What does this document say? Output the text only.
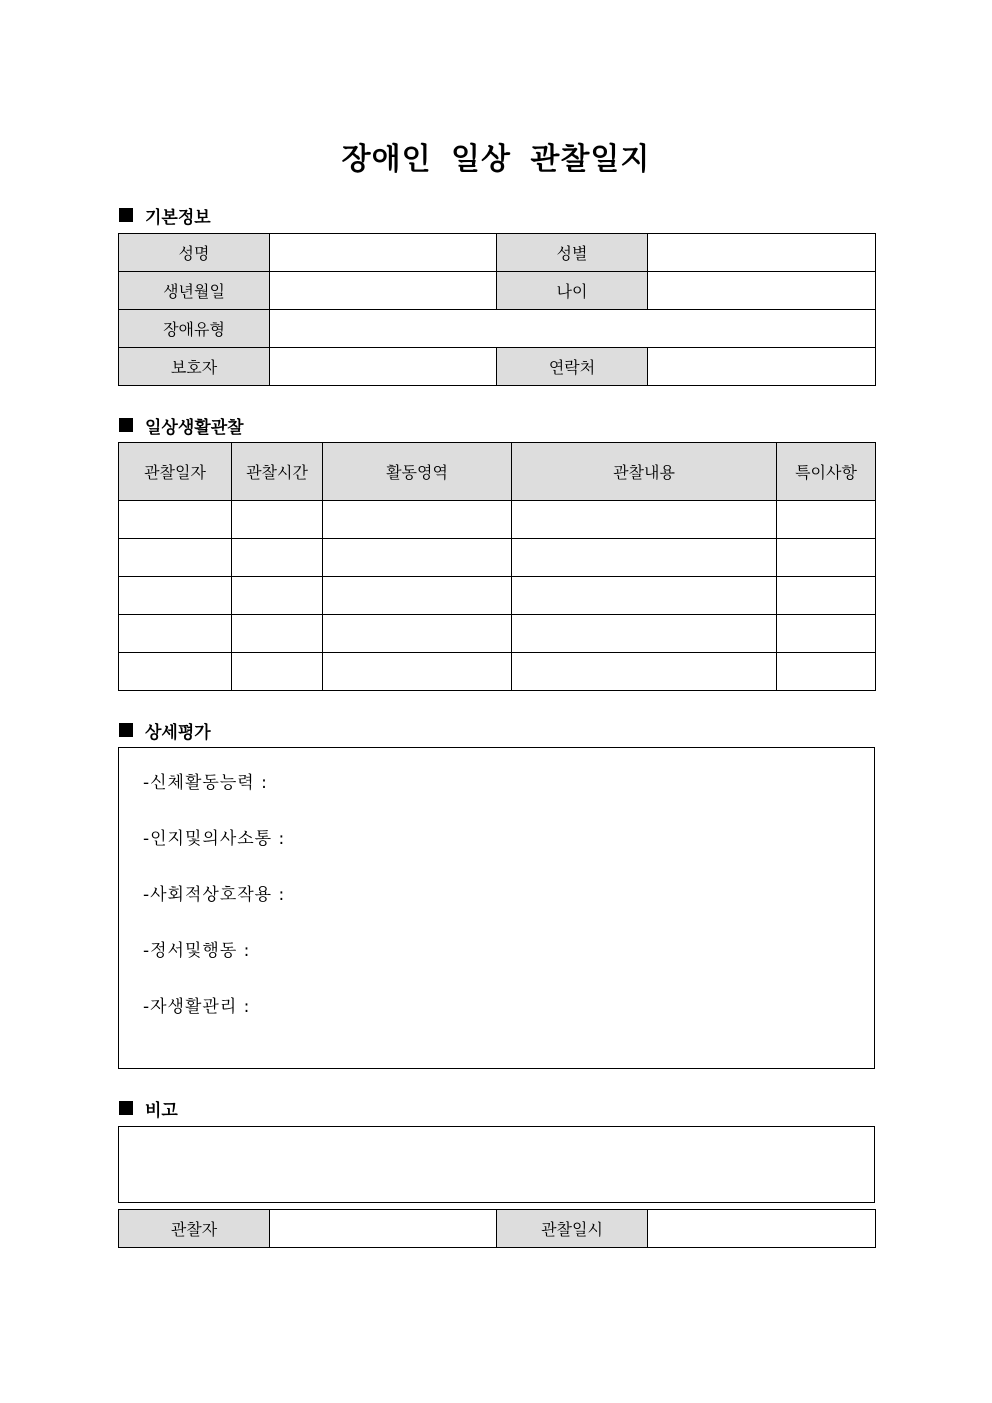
장애인 일상 관찰일지
기본정보
성명		성별	
생년월일		나이	
장애유형			
보호자		연락처	
일상생활관찰
관찰일자	관찰시간	활동영역	관찰내용	특이사항

상세평가
-신체활동능력 :
-인지및의사소통 :
-사회적상호작용 :
-정서및행동 :
-자생활관리 :
비고
관찰자		관찰일시	
